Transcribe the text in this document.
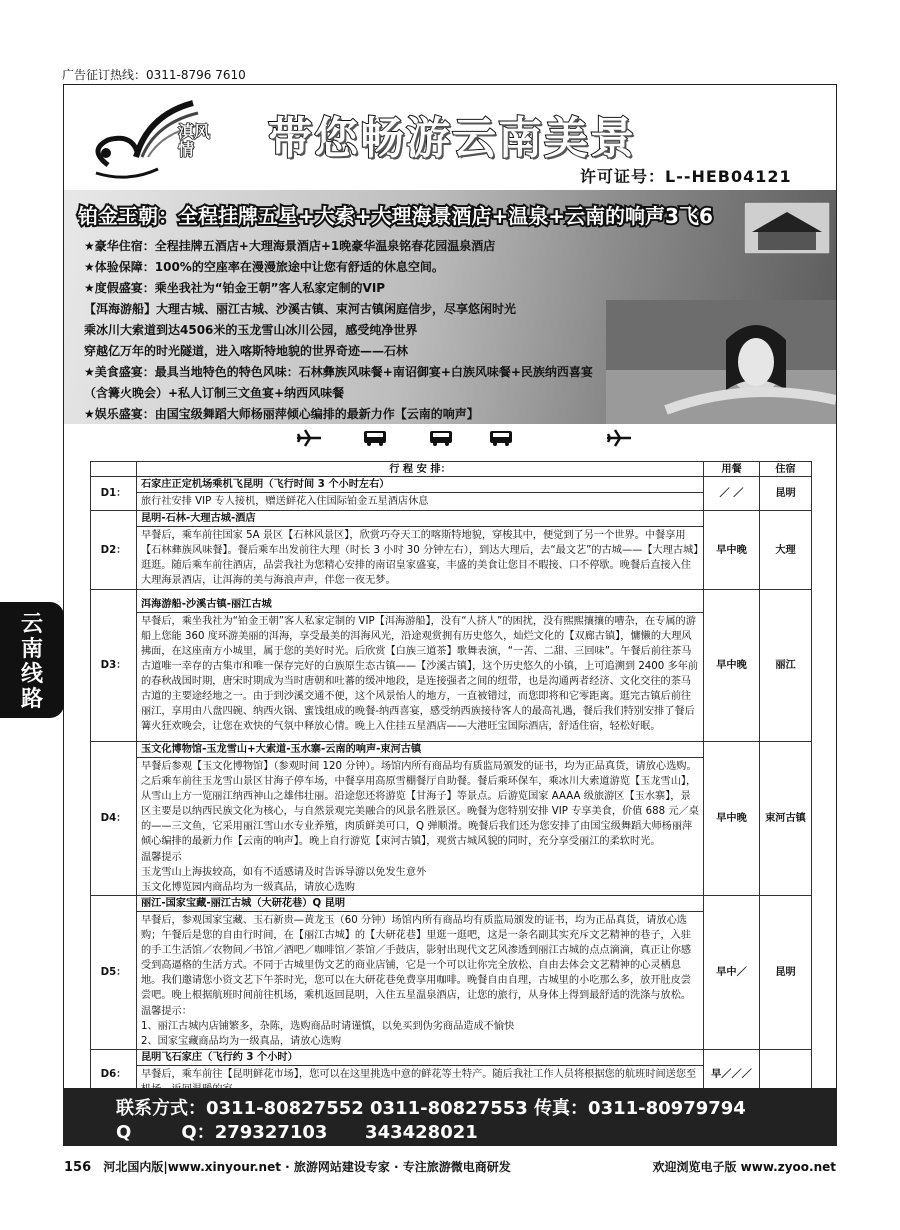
广告征订热线：0311-8796 7610
滇风情	带您畅游云南美景
许可证号：L--HEB04121
铂金王朝：全程挂牌五星+大索+大理海景酒店+温泉+云南的响声3飞6
★豪华住宿：全程挂牌五酒店+大理海景酒店+1晚豪华温泉铭春花园温泉酒店
★体验保障：100%的空座率在漫漫旅途中让您有舒适的休息空间。
★度假盛宴：乘坐我社为“铂金王朝”客人私家定制的VIP
【洱海游船】大理古城、丽江古城、沙溪古镇、束河古镇闲庭信步，尽享悠闲时光
乘冰川大索道到达4506米的玉龙雪山冰川公园，感受纯净世界
穿越亿万年的时光隧道，进入喀斯特地貌的世界奇迹——石林
★美食盛宴：最具当地特色的特色风味：石林彝族风味餐+南诏御宴+白族风味餐+民族纳西喜宴
（含篝火晚会）+私人订制三文鱼宴+纳西风味餐
★娱乐盛宴：由国宝级舞蹈大师杨丽萍倾心编排的最新力作【云南的响声】
	行 程 安 排：	用餐	住宿
D1：	石家庄正定机场乘机飞昆明（飞行时间 3 个小时左右）
旅行社安排 VIP 专人接机，赠送鲜花入住国际铂金五星酒店休息	／ ／	昆明
D2：	昆明-石林-大理古城-酒店
早餐后，乘车前往国家 5A 景区【石林风景区】，欣赏巧夺天工的喀斯特地貌，穿梭其中，便觉到了另一个世界。中餐享用【石林彝族风味餐】。餐后乘车出发前往大理（时长 3 小时 30 分钟左右），到达大理后，去“最文艺”的古城——【大理古城】逛逛。随后乘车前往酒店，品尝我社为您精心安排的南诏皇家盛宴，丰盛的美食让您目不暇接、口不停歇。晚餐后直接入住大理海景酒店，让洱海的美与海浪声声，伴您一夜无梦。	早中晚	大理
D3：	洱海游船-沙溪古镇-丽江古城
早餐后，乘坐我社为“铂金王朝”客人私家定制的 VIP【洱海游船】，没有“人挤人”的困扰，没有熙熙攘攘的嘈杂，在专属的游船上您能 360 度环游美丽的洱海，享受最美的洱海风光，沿途观赏拥有历史悠久，灿烂文化的【双廊古镇】，慵懒的大理风拂面，在这座南方小城里，属于您的美好时光。后欣赏【白族三道茶】歌舞表演，“一苦、二甜、三回味”。午餐后前往茶马古道唯一幸存的古集市和唯一保存完好的白族原生态古镇——【沙溪古镇】，这个历史悠久的小镇，上可追溯到 2400 多年前的春秋战国时期，唐宋时期成为当时唐朝和吐蕃的缓冲地段，是连接强者之间的纽带，也是沟通两者经济、文化交往的茶马古道的主要途经地之一。由于到沙溪交通不便，这个风景怡人的地方，一直被错过，而您即将和它零距离。逛完古镇后前往丽江，享用由八盘四碗、纳西火锅、蜜饯组成的晚餐-纳西喜宴，感受纳西族接待客人的最高礼遇，餐后我们特别安排了餐后篝火狂欢晚会，让您在欢快的气氛中释放心情。晚上入住挂五星酒店——大港旺宝国际酒店，舒适住宿，轻松好眠。	早中晚	丽江
D4：	玉文化博物馆-玉龙雪山+大索道-玉水寨-云南的响声-束河古镇
早餐后参观【玉文化博物馆】（参观时间 120 分钟）。场馆内所有商品均有质监局颁发的证书，均为正品真货，请放心选购。之后乘车前往玉龙雪山景区甘海子停车场，中餐享用高原雪棚餐厅自助餐。餐后乘环保车，乘冰川大索道游览【玉龙雪山】，从雪山上方一览丽江纳西神山之雄伟壮丽。沿途您还将游览【甘海子】等景点。后游览国家 AAAA 级旅游区【玉水寨】，景区主要是以纳西民族文化为核心，与自然景观完美融合的风景名胜景区。晚餐为您特别安排 VIP 专享美食，价值 688 元／桌的——三文鱼，它采用丽江雪山水专业养殖，肉质鲜美可口，Q 弹顺滑。晚餐后我们还为您安排了由国宝级舞蹈大师杨丽萍倾心编排的最新力作【云南的响声】。晚上自行游览【束河古镇】，观赏古城风貌的同时，充分享受丽江的柔软时光。
温馨提示
玉龙雪山上海拔较高，如有不适感请及时告诉导游以免发生意外
玉文化博览园内商品均为一级真品，请放心选购	早中晚	束河古镇
D5：	丽江-国家宝藏-丽江古城（大研花巷）Q 昆明
早餐后，参观国家宝藏、玉石新贵—黄龙玉（60 分钟）场馆内所有商品均有质监局颁发的证书，均为正品真货，请放心选购；午餐后是您的自由行时间，在【丽江古城】的【大研花巷】里逛一逛吧，这是一条名副其实充斥文艺精神的巷子，入驻的手工生活馆／农物间／书馆／酒吧／咖啡馆／茶馆／手鼓店，影射出现代文艺风渗透到丽江古城的点点滴滴，真正让你感受到高逼格的生活方式。不同于古城里伪文艺的商业店铺，它是一个可以让你完全放松、自由去体会文艺精神的心灵栖息地。我们邀请您小资文艺下午茶时光，您可以在大研花巷免费享用咖啡。晚餐自由自理，古城里的小吃那么多，放开肚皮尝尝吧。晚上根据航班时间前往机场，乘机返回昆明，入住五星温泉酒店，让您的旅行，从身体上得到最舒适的洗涤与放松。
温馨提示：
1、丽江古城内店铺繁多，杂陈，选购商品时请谨慎，以免买到伪劣商品造成不愉快
2、国家宝藏商品均为一级真品，请放心选购	早中／	昆明
D6：	昆明飞石家庄（飞行约 3 个小时）
早餐后，乘车前往【昆明鲜花市场】，您可以在这里挑选中意的鲜花等土特产。随后我社工作人员将根据您的航班时间送您至	早／／／	
云南线路
联系方式：0311-80827552 0311-80827553 传真：0311-80979794
Q        Q：279327103      343428021
156 河北国内版|www.xinyour.net · 旅游网站建设专家 · 专注旅游微电商研发	欢迎浏览电子版 www.zyoo.net
